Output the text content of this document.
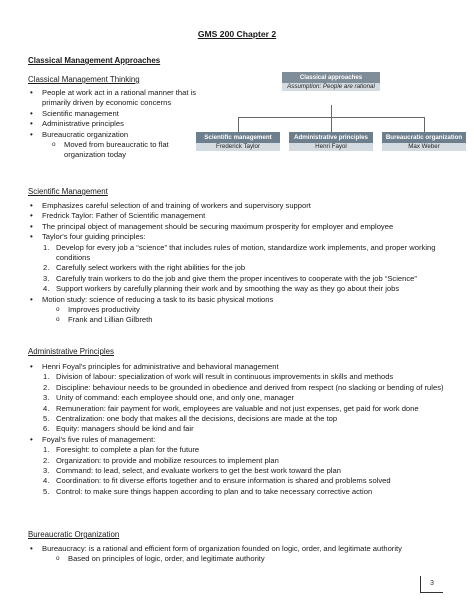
GMS 200 Chapter 2
Classical Management Approaches
Classical Management Thinking
• People at work act in a rational manner that is primarily driven by economic concerns
• Scientific management
• Administrative principles
• Bureaucratic organization
o Moved from bureaucratic to flat organization today
Classical approaches
Assumption: People are rational
Scientific management
Frederick Taylor
Administrative principles
Henri Fayol
Bureaucratic organization
Max Weber
Scientific Management
• Emphasizes careful selection of and training of workers and supervisory support
• Fredrick Taylor: Father of Scientific management
• The principal object of management should be securing maximum prosperity for employer and employee
• Taylor's four guiding principles:
1. Develop for every job a “science” that includes rules of motion, standardize work implements, and proper working conditions
2. Carefully select workers with the right abilities for the job
3. Carefully train workers to do the job and give them the proper incentives to cooperate with the job “Science”
4. Support workers by carefully planning their work and by smoothing the way as they go about their jobs
• Motion study: science of reducing a task to its basic physical motions
o Improves productivity
o Frank and Lillian Gilbreth
Administrative Principles
• Henri Foyal's principles for administrative and behavioral management
1. Division of labour: specialization of work will result in continuous improvements in skills and methods
2. Discipline: behaviour needs to be grounded in obedience and derived from respect (no slacking or bending of rules)
3. Unity of command: each employee should one, and only one, manager
4. Remuneration: fair payment for work, employees are valuable and not just expenses, get paid for work done
5. Centralization: one body that makes all the decisions, decisions are made at the top
6. Equity: managers should be kind and fair
• Foyal's five rules of management:
1. Foresight: to complete a plan for the future
2. Organization: to provide and mobilize resources to implement plan
3. Command: to lead, select, and evaluate workers to get the best work toward the plan
4. Coordination: to fit diverse efforts together and to ensure information is shared and problems solved
5. Control: to make sure things happen according to plan and to take necessary corrective action
Bureaucratic Organization
• Bureaucracy: is a rational and efficient form of organization founded on logic, order, and legitimate authority
o Based on principles of logic, order, and legitimate authority
3
